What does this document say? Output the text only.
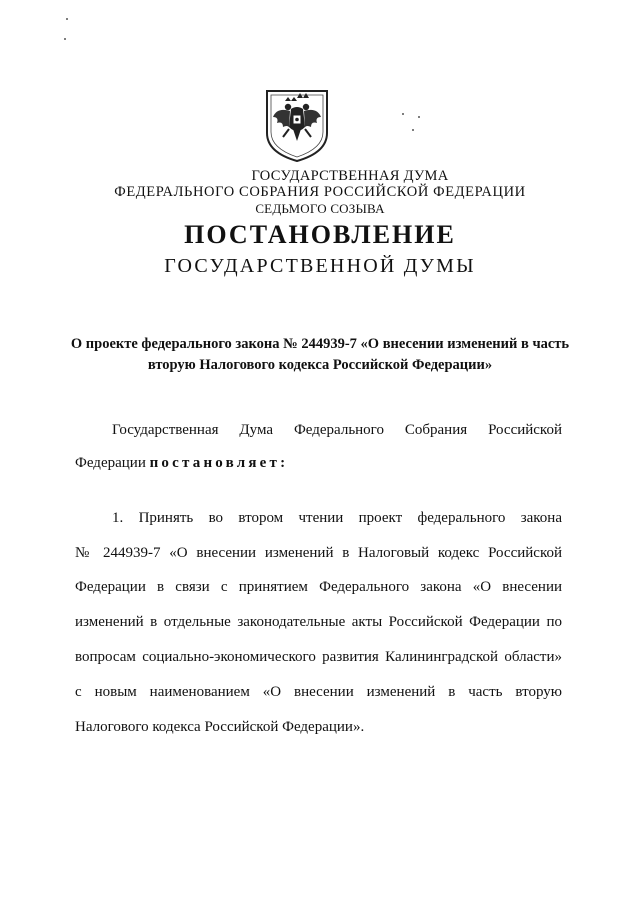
ГОСУДАРСТВЕННАЯ ДУМА
ФЕДЕРАЛЬНОГО СОБРАНИЯ РОССИЙСКОЙ ФЕДЕРАЦИИ
СЕДЬМОГО СОЗЫВА
ПОСТАНОВЛЕНИЕ
ГОСУДАРСТВЕННОЙ ДУМЫ
О проекте федерального закона № 244939-7 «О внесении изменений в часть вторую Налогового кодекса Российской Федерации»
Государственная Дума Федерального Собрания Российской
Федерации постановляет:
1. Принять во втором чтении проект федерального закона
№ 244939-7 «О внесении изменений в Налоговый кодекс Российской
Федерации в связи с принятием Федерального закона «О внесении
изменений в отдельные законодательные акты Российской Федерации по
вопросам социально-экономического развития Калининградской области»
с новым наименованием «О внесении изменений в часть вторую
Налогового кодекса Российской Федерации».
